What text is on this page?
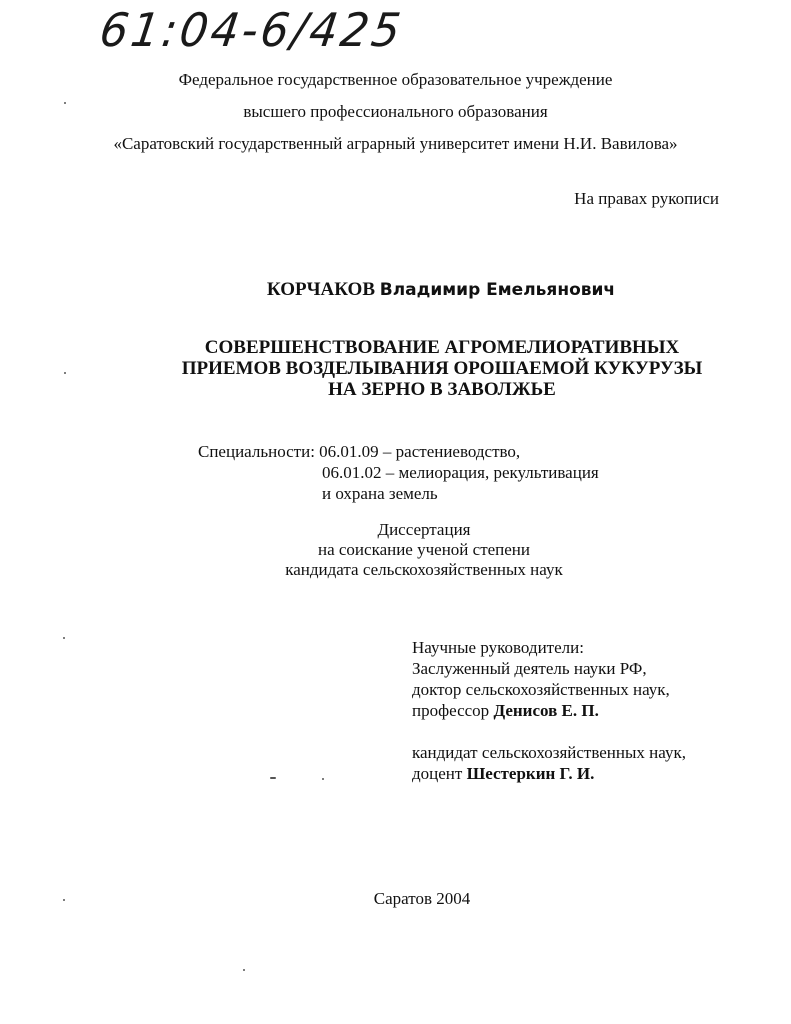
61:04-6/425
Федеральное государственное образовательное учреждение
высшего профессионального образования
«Саратовский государственный аграрный университет имени Н.И. Вавилова»
На правах рукописи
КОРЧАКОВ Владимир Емельянович
СОВЕРШЕНСТВОВАНИЕ АГРОМЕЛИОРАТИВНЫХ
ПРИЕМОВ ВОЗДЕЛЫВАНИЯ ОРОШАЕМОЙ КУКУРУЗЫ
НА ЗЕРНО В ЗАВОЛЖЬЕ
Специальности: 06.01.09 – растениеводство,
06.01.02 – мелиорация, рекультивация
и охрана земель
Диссертация
на соискание ученой степени
кандидата сельскохозяйственных наук
Научные руководители:
Заслуженный деятель науки РФ,
доктор сельскохозяйственных наук,
профессор Денисов Е. П.
кандидат сельскохозяйственных наук,
доцент Шестеркин Г. И.
Саратов 2004
